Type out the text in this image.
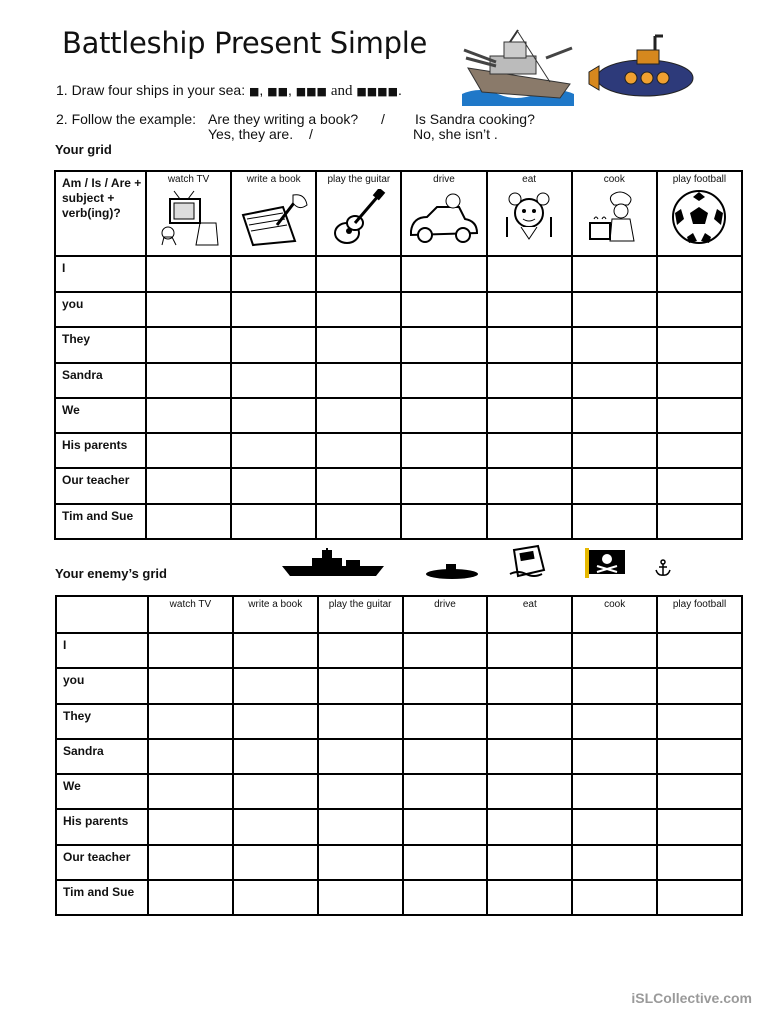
Battleship Present Simple
1. Draw four ships in your sea: ■, ■■, ■■■ and ■■■■.
2. Follow the example: Are they writing a book? / Is Sandra cooking?
Yes, they are. /	No, she isn’t .
Your grid
Am / Is / Are + subject + verb(ing)?	watch TV	write a book	play the guitar	drive	eat	cook	play football

I							
you							
They							
Sandra							
We							
His parents							
Our teacher							
Tim and Sue							
Your enemy’s grid
	watch TV	write a book	play the guitar	drive	eat	cook	play football
I							
you							
They							
Sandra							
We							
His parents							
Our teacher							
Tim and Sue							
iSLCollective.com
